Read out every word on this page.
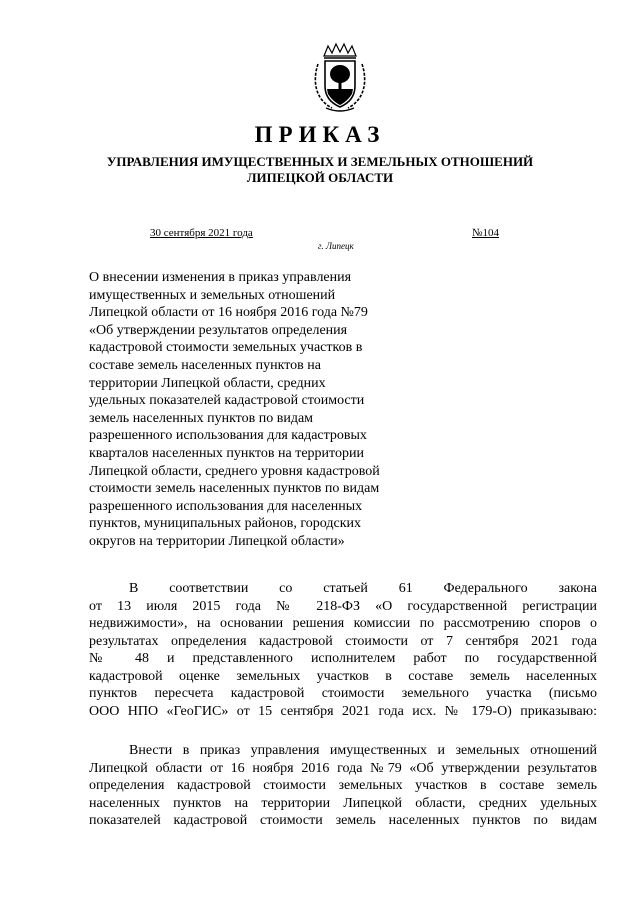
ПРИКАЗ
УПРАВЛЕНИЯ ИМУЩЕСТВЕННЫХ И ЗЕМЕЛЬНЫХ ОТНОШЕНИЙ
ЛИПЕЦКОЙ ОБЛАСТИ
30 сентября 2021 года	№104
г. Липецк
О внесении изменения в приказ управления
имущественных и земельных отношений
Липецкой области от 16 ноября 2016 года №79
«Об утверждении результатов определения
кадастровой стоимости земельных участков в
составе земель населенных пунктов на
территории Липецкой области, средних
удельных показателей кадастровой стоимости
земель населенных пунктов по видам
разрешенного использования для кадастровых
кварталов населенных пунктов на территории
Липецкой области, среднего уровня кадастровой
стоимости земель населенных пунктов по видам
разрешенного использования для населенных
пунктов, муниципальных районов, городских
округов на территории Липецкой области»
В соответствии со статьей 61 Федерального закона
от 13 июля 2015 года № 218-ФЗ «О государственной регистрации
недвижимости», на основании решения комиссии по рассмотрению споров о
результатах определения кадастровой стоимости от 7 сентября 2021 года
№ 48 и представленного исполнителем работ по государственной
кадастровой оценке земельных участков в составе земель населенных
пунктов пересчета кадастровой стоимости земельного участка (письмо
ООО НПО «ГеоГИС» от 15 сентября 2021 года исх. № 179-О) приказываю:
Внести в приказ управления имущественных и земельных отношений
Липецкой области от 16 ноября 2016 года №79 «Об утверждении результатов
определения кадастровой стоимости земельных участков в составе земель
населенных пунктов на территории Липецкой области, средних удельных
показателей кадастровой стоимости земель населенных пунктов по видам
